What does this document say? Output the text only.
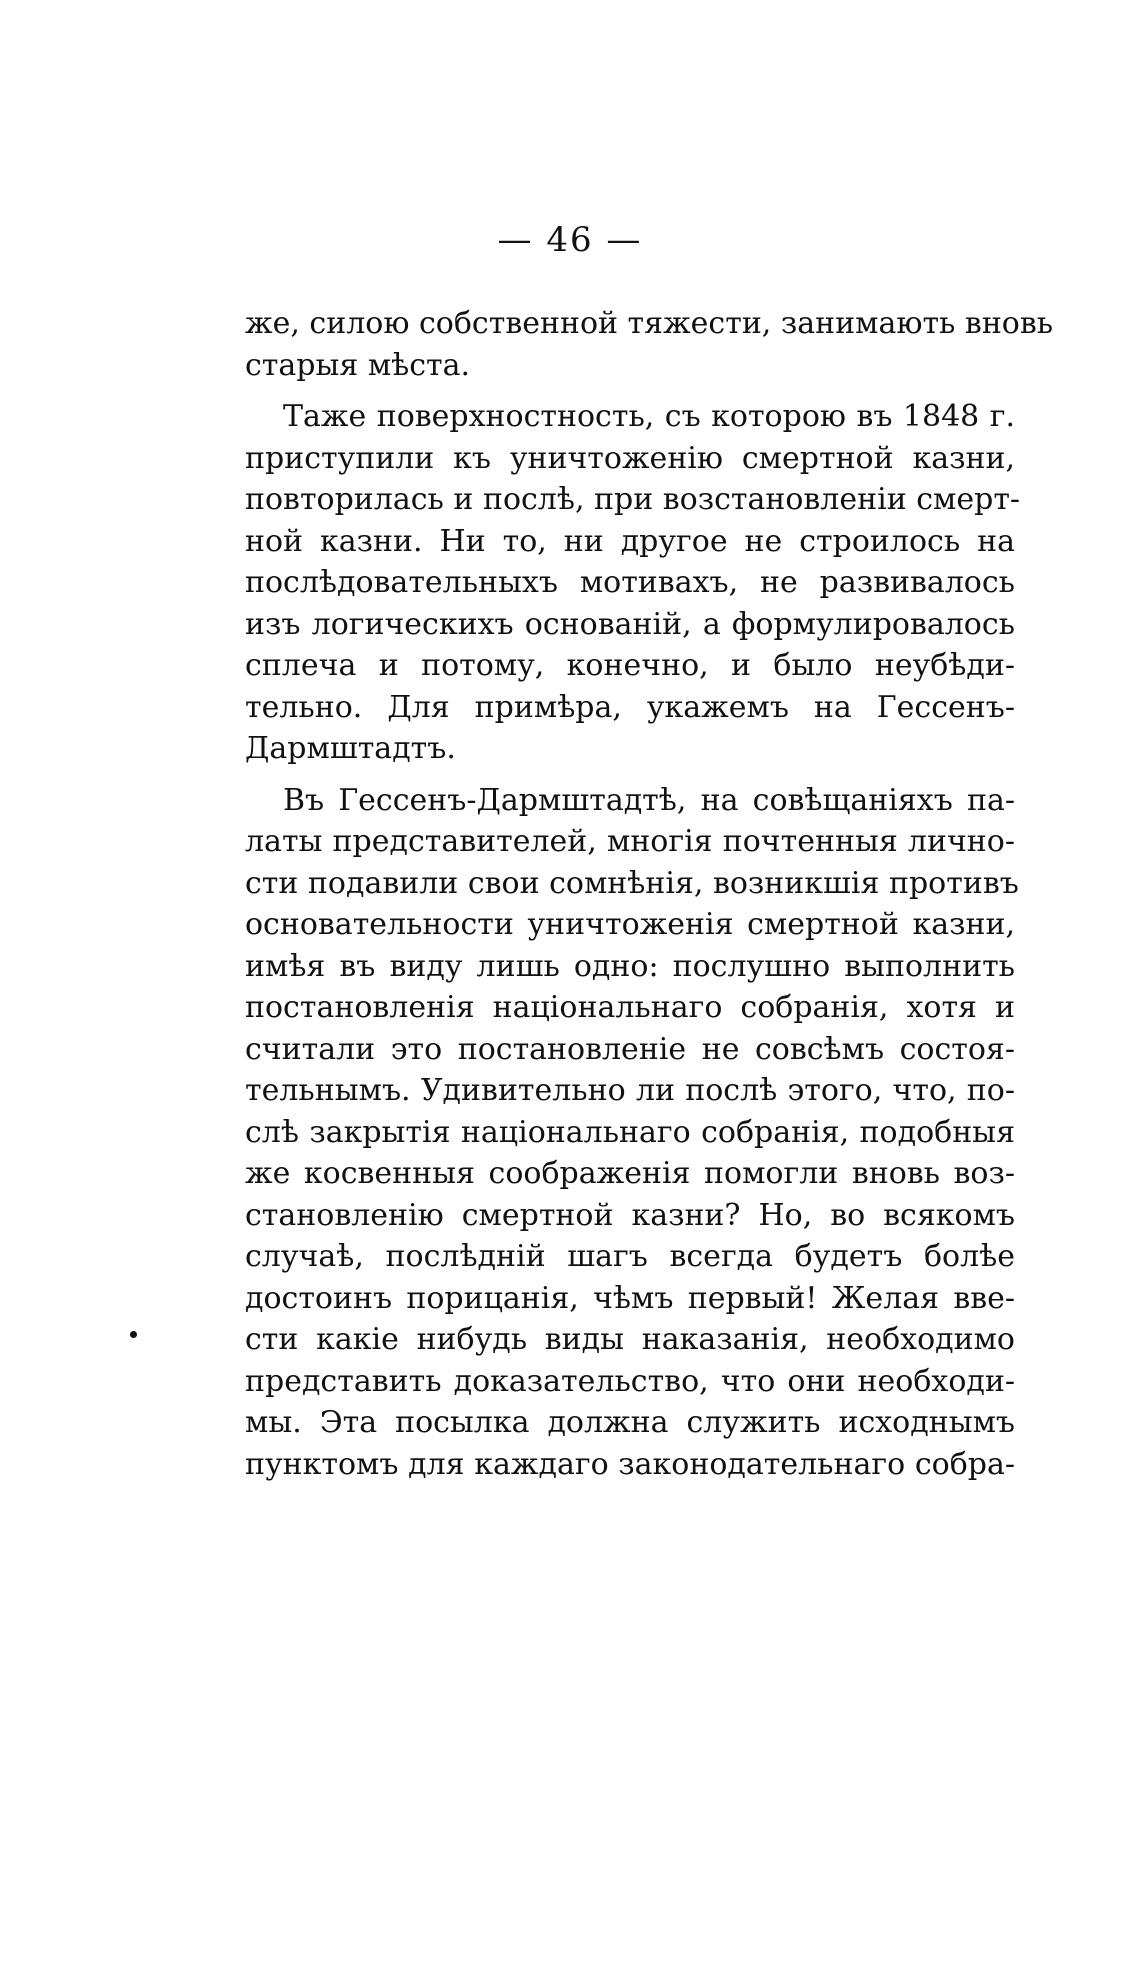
— 46 —
же, силою собственной тяжести, занимають вновь
старыя мѣста.
Таже поверхностность, съ которою въ 1848 г.
приступили къ уничтоженію смертной казни,
повторилась и послѣ, при возстановленіи смерт-
ной казни. Ни то, ни другое не строилось на
послѣдовательныхъ мотивахъ, не развивалось
изъ логическихъ основаній, а формулировалось
сплеча и потому, конечно, и было неубѣди-
тельно. Для примѣра, укажемъ на Гессенъ-
Дармштадтъ.
Въ Гессенъ-Дармштадтѣ, на совѣщаніяхъ па-
латы представителей, многія почтенныя лично-
сти подавили свои сомнѣнія, возникшія противъ
основательности уничтоженія смертной казни,
имѣя въ виду лишь одно: послушно выполнить
постановленія національнаго собранія, хотя и
считали это постановленіе не совсѣмъ состоя-
тельнымъ. Удивительно ли послѣ этого, что, по-
слѣ закрытія національнаго собранія, подобныя
же косвенныя соображенія помогли вновь воз-
становленію смертной казни? Но, во всякомъ
случаѣ, послѣдній шагъ всегда будетъ болѣе
достоинъ порицанія, чѣмъ первый! Желая вве-
сти какіе нибудь виды наказанія, необходимо
представить доказательство, что они необходи-
мы. Эта посылка должна служить исходнымъ
пунктомъ для каждаго законодательнаго собра-
